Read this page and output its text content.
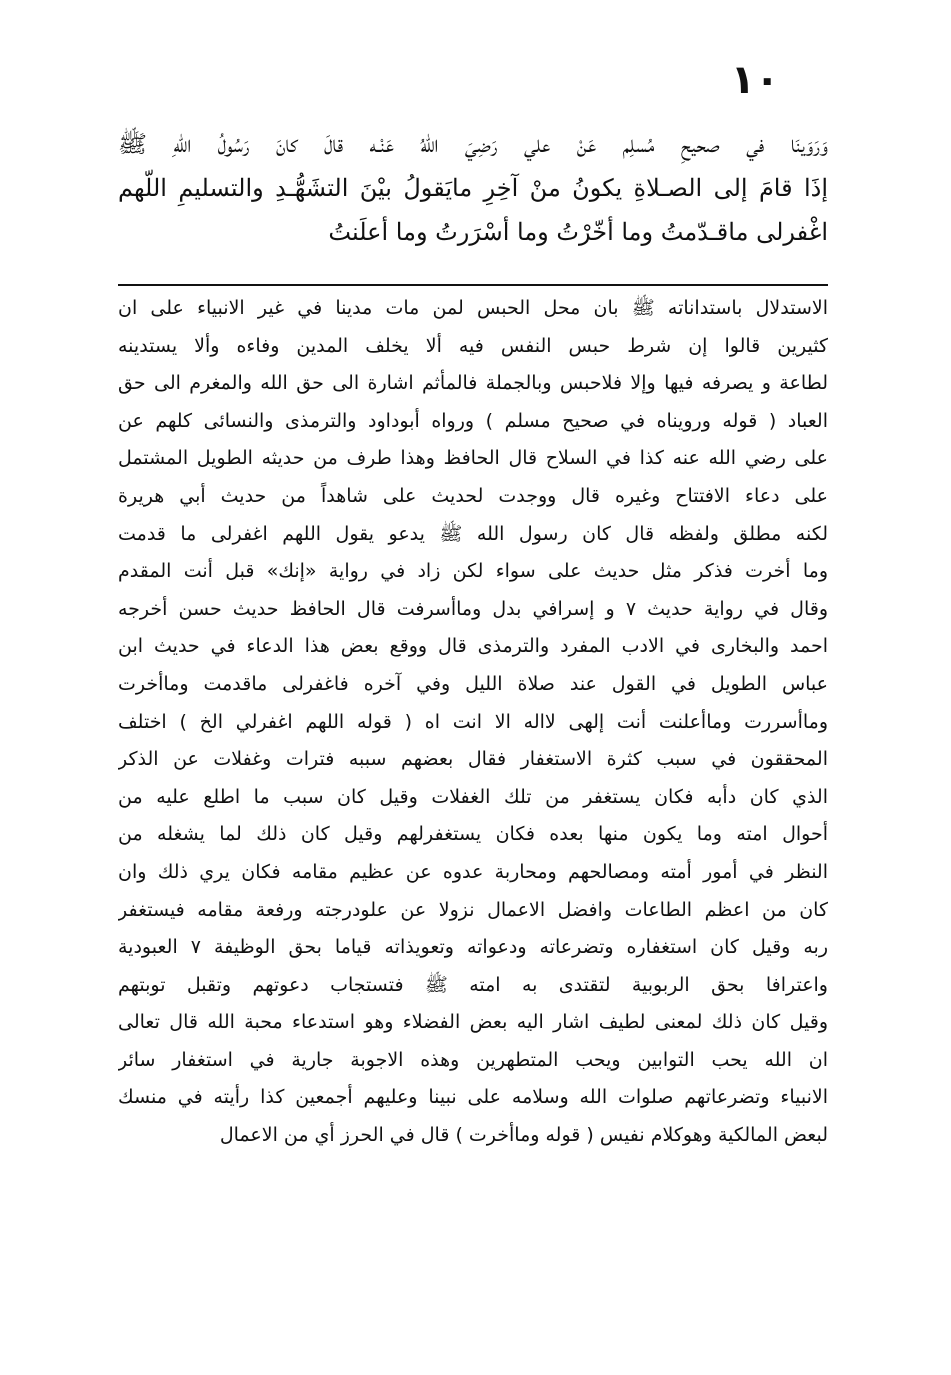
١٠
وَرَوَينَا في صحيحِ مُسلِم عَنْ علي رَضِيَ اللهُ عَنْـه قالَ كانَ رَسُولُ اللهِ ﷺ
إذَا قامَ إلى الصـلاةِ يكونُ منْ آخِرِ مايَقولُ بيْنَ التشَهُّـدِ والتسليمِ اللّهم
اغْفرلى ماقـدّمتُ وما أخّرْتُ وما أسْرَرتُ وما أعلَنتُ
الاستدلال باستداناته ﷺ بان محل الحبس لمن مات مدينا في غير الانبياء على ان
كثيرين قالوا إن شرط حبس النفس فيه ألا يخلف المدين وفاءه وألا يستدينه
لطاعة و يصرفه فيها وإلا فلاحبس وبالجملة فالمأثم اشارة الى حق الله والمغرم الى حق
العباد ( قوله ورويناه في صحيح مسلم ) ورواه أبوداود والترمذى والنسائى كلهم عن
على رضي الله عنه كذا في السلاح قال الحافظ وهذا طرف من حديثه الطويل المشتمل
على دعاء الافتتاح وغيره قال ووجدت لحديث على شاهداً من حديث أبي هريرة
لكنه مطلق ولفظه قال كان رسول الله ﷺ يدعو يقول اللهم اغفرلى ما قدمت
وما أخرت فذكر مثل حديث على سواء لكن زاد في رواية «إنك» قبل أنت المقدم
وقال في رواية حديث ٧ و إسرافي بدل وماأسرفت قال الحافظ حديث حسن أخرجه
احمد والبخارى في الادب المفرد والترمذى قال ووقع بعض هذا الدعاء في حديث ابن
عباس الطويل في القول عند صلاة الليل وفي آخره فاغفرلى ماقدمت وماأخرت
وماأسررت وماأعلنت أنت إلهى لااله الا انت اه ( قوله اللهم اغفرلي الخ ) اختلف
المحققون في سبب كثرة الاستغفار فقال بعضهم سببه فترات وغفلات عن الذكر
الذي كان دأبه فكان يستغفر من تلك الغفلات وقيل كان سبب ما اطلع عليه من
أحوال امته وما يكون منها بعده فكان يستغفرلهم وقيل كان ذلك لما يشغله من
النظر في أمور أمته ومصالحهم ومحاربة عدوه عن عظيم مقامه فكان يري ذلك وان
كان من اعظم الطاعات وافضل الاعمال نزولا عن علودرجته ورفعة مقامه فيستغفر
ربه وقيل كان استغفاره وتضرعاته ودعواته وتعويذاته قياما بحق الوظيفة ٧ العبودية
واعترافا بحق الربوبية لتقتدى به امته ﷺ فتستجاب دعوتهم وتقبل توبتهم
وقيل كان ذلك لمعنى لطيف اشار اليه بعض الفضلاء وهو استدعاء محبة الله قال تعالى
ان الله يحب التوابين ويحب المتطهرين وهذه الاجوبة جارية في استغفار سائر
الانبياء وتضرعاتهم صلوات الله وسلامه على نبينا وعليهم أجمعين كذا رأيته في منسك
لبعض المالكية وهوكلام نفيس ( قوله وماأخرت ) قال في الحرز أي من الاعمال
